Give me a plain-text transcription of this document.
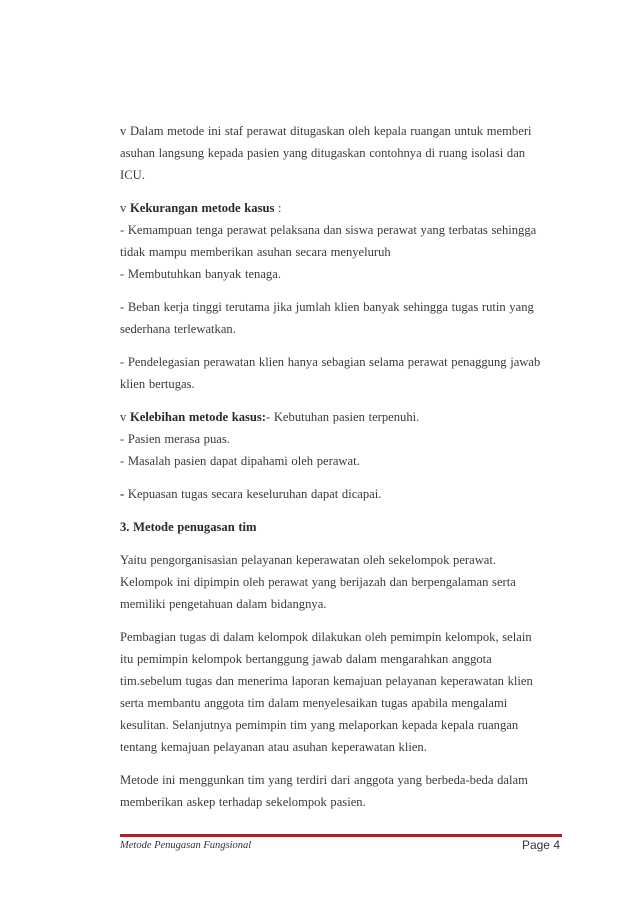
v Dalam metode ini staf perawat ditugaskan oleh kepala ruangan untuk memberi
asuhan langsung kepada pasien yang ditugaskan contohnya di ruang isolasi dan
ICU.

v Kekurangan metode kasus :
- Kemampuan tenga perawat pelaksana dan siswa perawat yang terbatas sehingga
tidak mampu memberikan asuhan secara menyeluruh
- Membutuhkan banyak tenaga.

- Beban kerja tinggi terutama jika jumlah klien banyak sehingga tugas rutin yang
sederhana terlewatkan.

- Pendelegasian perawatan klien hanya sebagian selama perawat penaggung jawab
klien bertugas.

v Kelebihan metode kasus:- Kebutuhan pasien terpenuhi.
- Pasien merasa puas.
- Masalah pasien dapat dipahami oleh perawat.

- Kepuasan tugas secara keseluruhan dapat dicapai.

3. Metode penugasan tim

Yaitu pengorganisasian pelayanan keperawatan oleh sekelompok perawat.
Kelompok ini dipimpin oleh perawat yang berijazah dan berpengalaman serta
memiliki pengetahuan dalam bidangnya.

Pembagian tugas di dalam kelompok dilakukan oleh pemimpin kelompok, selain
itu pemimpin kelompok bertanggung jawab dalam mengarahkan anggota
tim.sebelum tugas dan menerima laporan kemajuan pelayanan keperawatan klien
serta membantu anggota tim dalam menyelesaikan tugas apabila mengalami
kesulitan. Selanjutnya pemimpin tim yang melaporkan kepada kepala ruangan
tentang kemajuan pelayanan atau asuhan keperawatan klien.

Metode ini menggunkan tim yang terdiri dari anggota yang berbeda-beda dalam
memberikan askep terhadap sekelompok pasien.

Metode Penugasan Fungsional	Page 4
